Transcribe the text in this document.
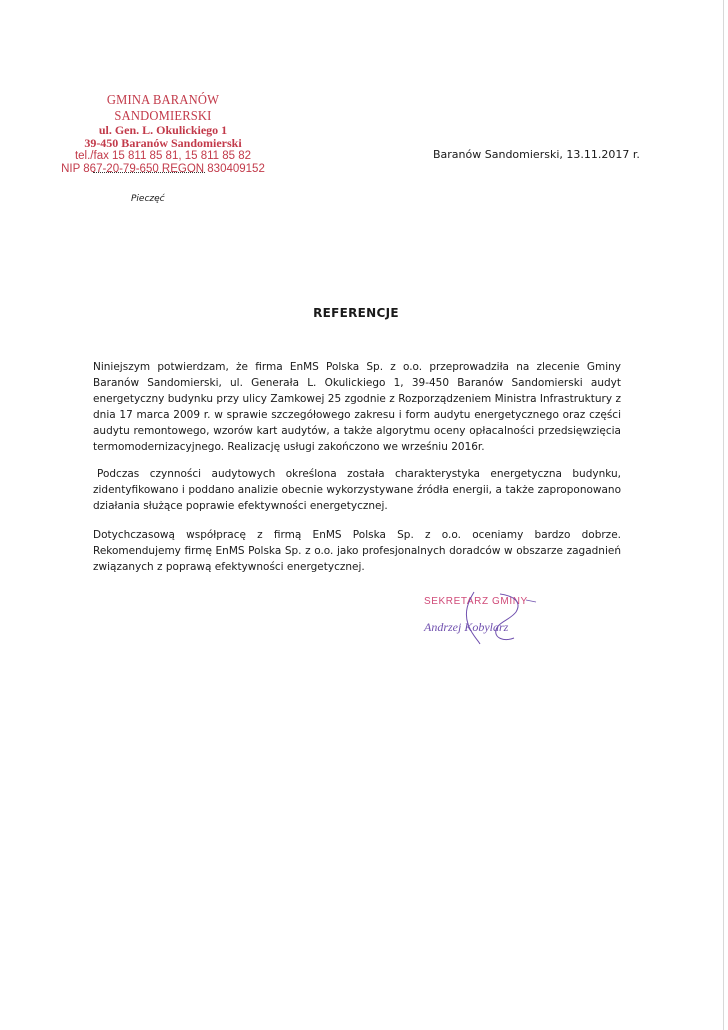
GMINA BARANÓW SANDOMIERSKI
ul. Gen. L. Okulickiego 1
39-450 Baranów Sandomierski
tel./fax 15 811 85 81, 15 811 85 82
NIP 867-20-79-650 REGON 830409152
Pieczęć
Baranów Sandomierski, 13.11.2017 r.
REFERENCJE

Niniejszym potwierdzam, że firma EnMS Polska Sp. z o.o. przeprowadziła na zlecenie Gminy Baranów Sandomierski, ul. Generała L. Okulickiego 1, 39-450 Baranów Sandomierski audyt energetyczny budynku przy ulicy Zamkowej 25 zgodnie z Rozporządzeniem Ministra Infrastruktury z dnia 17 marca 2009 r. w sprawie szczegółowego zakresu i form audytu energetycznego oraz części audytu remontowego, wzorów kart audytów, a także algorytmu oceny opłacalności przedsięwzięcia termomodernizacyjnego. Realizację usługi zakończono we wrześniu 2016r.

Podczas czynności audytowych określona została charakterystyka energetyczna budynku, zidentyfikowano i poddano analizie obecnie wykorzystywane źródła energii, a także zaproponowano działania służące poprawie efektywności energetycznej.

Dotychczasową współpracę z firmą EnMS Polska Sp. z o.o. oceniamy bardzo dobrze. Rekomendujemy firmę EnMS Polska Sp. z o.o. jako profesjonalnych doradców w obszarze zagadnień związanych z poprawą efektywności energetycznej.

SEKRETARZ GMINY
Andrzej Kobylarz
